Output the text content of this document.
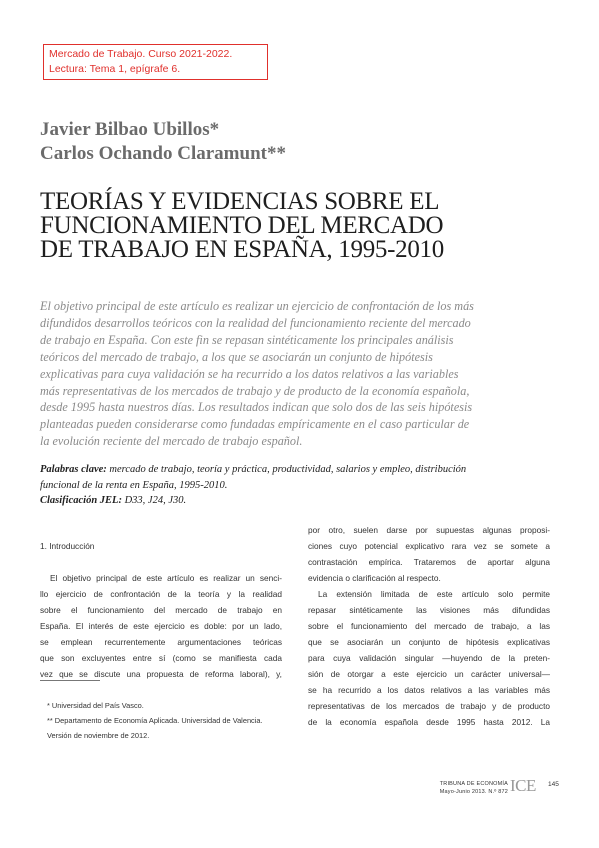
Mercado de Trabajo. Curso 2021-2022.
Lectura: Tema 1, epígrafe 6.
Javier Bilbao Ubillos*
Carlos Ochando Claramunt**
TEORÍAS Y EVIDENCIAS SOBRE EL
FUNCIONAMIENTO DEL MERCADO
DE TRABAJO EN ESPAÑA, 1995-2010
El objetivo principal de este artículo es realizar un ejercicio de confrontación de los más
difundidos desarrollos teóricos con la realidad del funcionamiento reciente del mercado
de trabajo en España. Con este fin se repasan sintéticamente los principales análisis
teóricos del mercado de trabajo, a los que se asociarán un conjunto de hipótesis
explicativas para cuya validación se ha recurrido a los datos relativos a las variables
más representativas de los mercados de trabajo y de producto de la economía española,
desde 1995 hasta nuestros días. Los resultados indican que solo dos de las seis hipótesis
planteadas pueden considerarse como fundadas empíricamente en el caso particular de
la evolución reciente del mercado de trabajo español.
Palabras clave: mercado de trabajo, teoría y práctica, productividad, salarios y empleo, distribución
funcional de la renta en España, 1995-2010.
Clasificación JEL: D33, J24, J30.
1. Introducción
El objetivo principal de este artículo es realizar un senci-
llo ejercicio de confrontación de la teoría y la realidad
sobre el funcionamiento del mercado de trabajo en
España. El interés de este ejercicio es doble: por un lado,
se emplean recurrentemente argumentaciones teóricas
que son excluyentes entre sí (como se manifiesta cada
vez que se discute una propuesta de reforma laboral), y,
* Universidad del País Vasco.
** Departamento de Economía Aplicada. Universidad de Valencia.
Versión de noviembre de 2012.
por otro, suelen darse por supuestas algunas proposi-
ciones cuyo potencial explicativo rara vez se somete a
contrastación empírica. Trataremos de aportar alguna
evidencia o clarificación al respecto.
La extensión limitada de este artículo solo permite
repasar sintéticamente las visiones más difundidas
sobre el funcionamiento del mercado de trabajo, a las
que se asociarán un conjunto de hipótesis explicativas
para cuya validación singular —huyendo de la preten-
sión de otorgar a este ejercicio un carácter universal—
se ha recurrido a los datos relativos a las variables más
representativas de los mercados de trabajo y de producto
de la economía española desde 1995 hasta 2012. La
TRIBUNA DE ECONOMÍA
Mayo-Junio 2013. N.º 872 ICE 145
